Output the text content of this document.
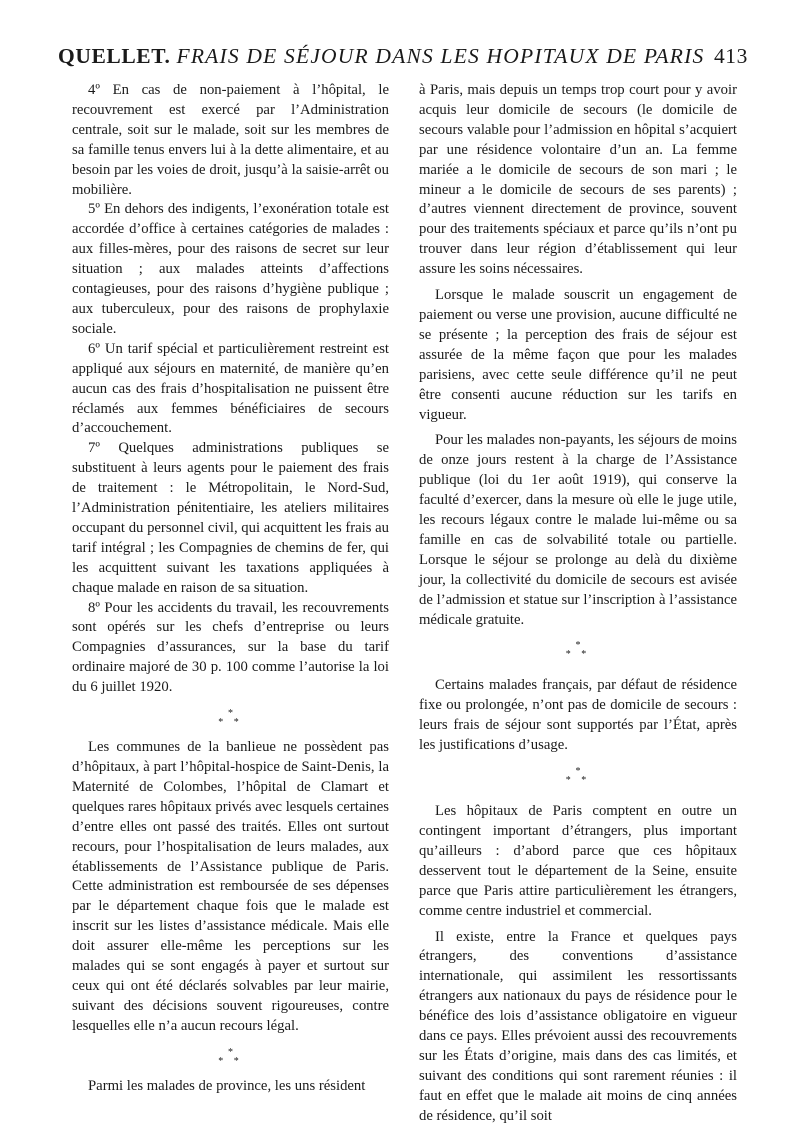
QUELLET. FRAIS DE SÉJOUR DANS LES HOPITAUX DE PARIS 413

4º En cas de non-paiement à l’hôpital, le recouvrement est exercé par l’Administration centrale, soit sur le malade, soit sur les membres de sa famille tenus envers lui à la dette alimentaire, et au besoin par les voies de droit, jusqu’à la saisie-arrêt ou mobilière.

5º En dehors des indigents, l’exonération totale est accordée d’office à certaines catégories de malades : aux filles-mères, pour des raisons de secret sur leur situation ; aux malades atteints d’affections contagieuses, pour des raisons d’hygiène publique ; aux tuberculeux, pour des raisons de prophylaxie sociale.

6º Un tarif spécial et particulièrement restreint est appliqué aux séjours en maternité, de manière qu’en aucun cas des frais d’hospitalisation ne puissent être réclamés aux femmes bénéficiaires de secours d’accouchement.

7º Quelques administrations publiques se substituent à leurs agents pour le paiement des frais de traitement : le Métropolitain, le Nord-Sud, l’Administration pénitentiaire, les ateliers militaires occupant du personnel civil, qui acquittent les frais au tarif intégral ; les Compagnies de chemins de fer, qui les acquittent suivant les taxations appliquées à chaque malade en raison de sa situation.

8º Pour les accidents du travail, les recouvrements sont opérés sur les chefs d’entreprise ou leurs Compagnies d’assurances, sur la base du tarif ordinaire majoré de 30 p. 100 comme l’autorise la loi du 6 juillet 1920.

*
* *

Les communes de la banlieue ne possèdent pas d’hôpitaux, à part l’hôpital-hospice de Saint-Denis, la Maternité de Colombes, l’hôpital de Clamart et quelques rares hôpitaux privés avec lesquels certaines d’entre elles ont passé des traités. Elles ont surtout recours, pour l’hospitalisation de leurs malades, aux établissements de l’Assistance publique de Paris. Cette administration est remboursée de ses dépenses par le département chaque fois que le malade est inscrit sur les listes d’assistance médicale. Mais elle doit assurer elle-même les perceptions sur les malades qui se sont engagés à payer et surtout sur ceux qui ont été déclarés solvables par leur mairie, suivant des décisions souvent rigoureuses, contre lesquelles elle n’a aucun recours légal.

*
* *

Parmi les malades de province, les uns résident

à Paris, mais depuis un temps trop court pour y avoir acquis leur domicile de secours (le domicile de secours valable pour l’admission en hôpital s’acquiert par une résidence volontaire d’un an. La femme mariée a le domicile de secours de son mari ; le mineur a le domicile de secours de ses parents) ; d’autres viennent directement de province, souvent pour des traitements spéciaux et parce qu’ils n’ont pu trouver dans leur région d’établissement qui leur assure les soins nécessaires.

Lorsque le malade souscrit un engagement de paiement ou verse une provision, aucune difficulté ne se présente ; la perception des frais de séjour est assurée de la même façon que pour les malades parisiens, avec cette seule différence qu’il ne peut être consenti aucune réduction sur les tarifs en vigueur.

Pour les malades non-payants, les séjours de moins de onze jours restent à la charge de l’Assistance publique (loi du 1er août 1919), qui conserve la faculté d’exercer, dans la mesure où elle le juge utile, les recours légaux contre le malade lui-même ou sa famille en cas de solvabilité totale ou partielle. Lorsque le séjour se prolonge au delà du dixième jour, la collectivité du domicile de secours est avisée de l’admission et statue sur l’inscription à l’assistance médicale gratuite.

*
* *

Certains malades français, par défaut de résidence fixe ou prolongée, n’ont pas de domicile de secours : leurs frais de séjour sont supportés par l’État, après les justifications d’usage.

*
* *

Les hôpitaux de Paris comptent en outre un contingent important d’étrangers, plus important qu’ailleurs : d’abord parce que ces hôpitaux desservent tout le département de la Seine, ensuite parce que Paris attire particulièrement les étrangers, comme centre industriel et commercial.

Il existe, entre la France et quelques pays étrangers, des conventions d’assistance internationale, qui assimilent les ressortissants étrangers aux nationaux du pays de résidence pour le bénéfice des lois d’assistance obligatoire en vigueur dans ce pays. Elles prévoient aussi des recouvrements sur les États d’origine, mais dans des cas limités, et suivant des conditions qui sont rarement réunies : il faut en effet que le malade ait moins de cinq années de résidence, qu’il soit
